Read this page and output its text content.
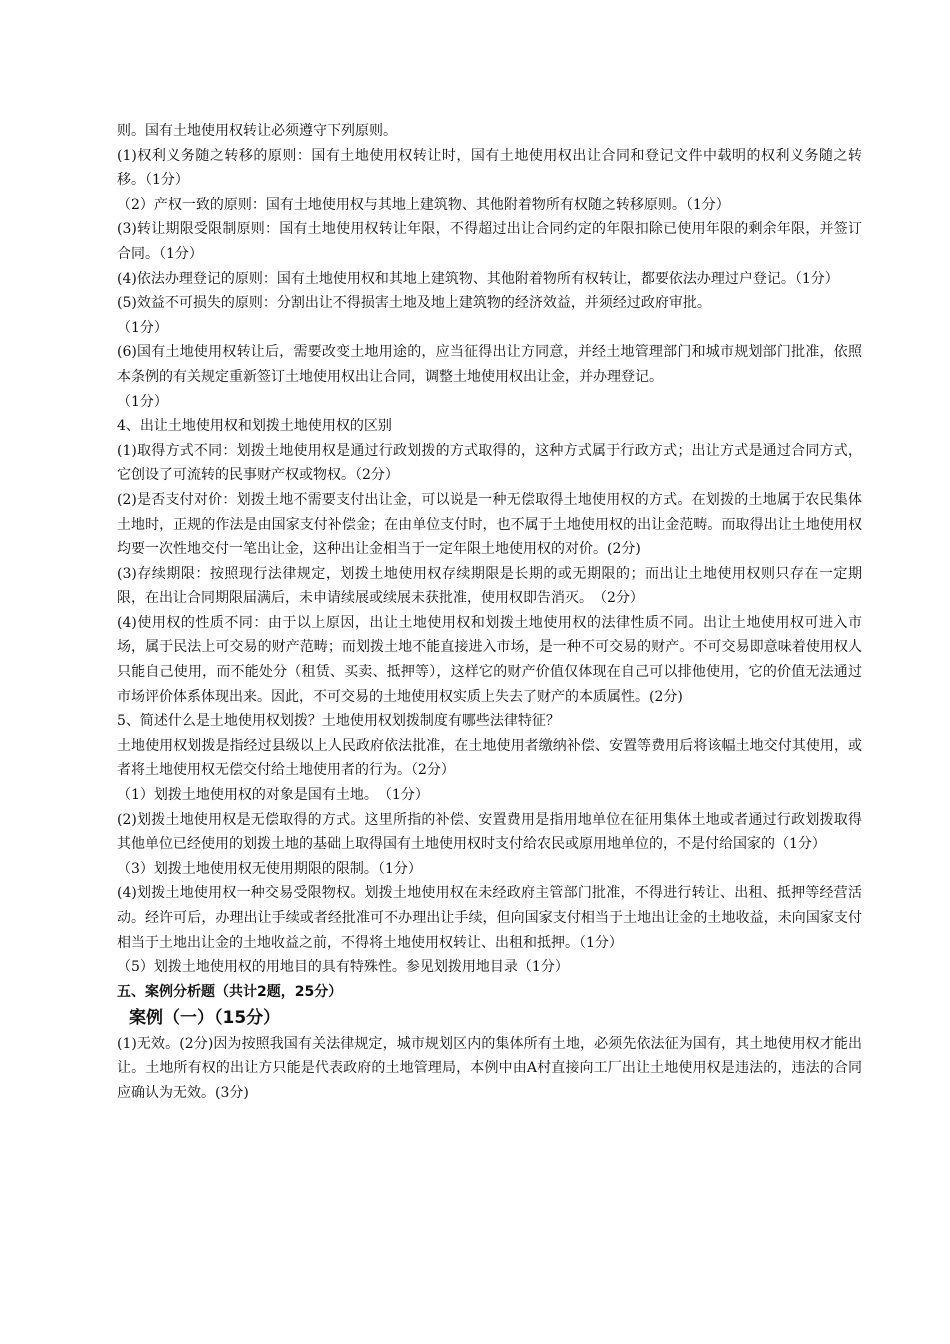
则。国有土地使用权转让必须遵守下列原则。

(1)权利义务随之转移的原则：国有土地使用权转让时，国有土地使用权出让合同和登记文件中载明的权利义务随之转移。（1分）

（2）产权一致的原则：国有土地使用权与其地上建筑物、其他附着物所有权随之转移原则。（1分）

(3)转让期限受限制原则：国有土地使用权转让年限，不得超过出让合同约定的年限扣除已使用年限的剩余年限，并签订合同。（1分）

(4)依法办理登记的原则：国有土地使用权和其地上建筑物、其他附着物所有权转让，都要依法办理过户登记。（1分）

(5)效益不可损失的原则：分割出让不得损害土地及地上建筑物的经济效益，并须经过政府审批。

（1分）

(6)国有土地使用权转让后，需要改变土地用途的，应当征得出让方同意，并经土地管理部门和城市规划部门批准，依照本条例的有关规定重新签订土地使用权出让合同，调整土地使用权出让金，并办理登记。

（1分）

4、出让土地使用权和划拨土地使用权的区别

(1)取得方式不同：划拨土地使用权是通过行政划拨的方式取得的，这种方式属于行政方式；出让方式是通过合同方式，它创设了可流转的民事财产权或物权。（2分）

(2)是否支付对价：划拨土地不需要支付出让金，可以说是一种无偿取得土地使用权的方式。在划拨的土地属于农民集体土地时，正规的作法是由国家支付补偿金；在由单位支付时，也不属于土地使用权的出让金范畴。而取得出让土地使用权均要一次性地交付一笔出让金，这种出让金相当于一定年限土地使用权的对价。(2分)

(3)存续期限：按照现行法律规定，划拨土地使用权存续期限是长期的或无期限的；而出让土地使用权则只存在一定期限，在出让合同期限届满后，未申请续展或续展未获批准，使用权即告消灭。　（2分）

(4)使用权的性质不同：由于以上原因，出让土地使用权和划拨土地使用权的法律性质不同。出让土地使用权可进入市场，属于民法上可交易的财产范畴；而划拨土地不能直接进入市场，是一种不可交易的财产。不可交易即意味着使用权人只能自己使用，而不能处分（租赁、买卖、抵押等），这样它的财产价值仅体现在自己可以排他使用，它的价值无法通过市场评价体系体现出来。因此，不可交易的土地使用权实质上失去了财产的本质属性。(2分)

5、简述什么是土地使用权划拨？土地使用权划拨制度有哪些法律特征？

土地使用权划拨是指经过县级以上人民政府依法批准，在土地使用者缴纳补偿、安置等费用后将该幅土地交付其使用，或者将土地使用权无偿交付给土地使用者的行为。（2分）

（1）划拨土地使用权的对象是国有土地。　（1分）

(2)划拨土地使用权是无偿取得的方式。这里所指的补偿、安置费用是指用地单位在征用集体土地或者通过行政划拨取得其他单位已经使用的划拨土地的基础上取得国有土地使用权时支付给农民或原用地单位的，不是付给国家的（1分）

（3）划拨土地使用权无使用期限的限制。（1分）

(4)划拨土地使用权一种交易受限物权。划拨土地使用权在未经政府主管部门批准，不得进行转让、出租、抵押等经营活动。经许可后，办理出让手续或者经批准可不办理出让手续，但向国家支付相当于土地出让金的土地收益，未向国家支付相当于土地出让金的土地收益之前，不得将土地使用权转让、出租和抵押。（1分）

（5）划拨土地使用权的用地目的具有特殊性。参见划拨用地目录（1分）

五、案例分析题（共计2题，25分）

案例（一）（15分）

(1)无效。(2分)因为按照我国有关法律规定，城市规划区内的集体所有土地，必须先依法征为国有，其土地使用权才能出让。土地所有权的出让方只能是代表政府的土地管理局，本例中由A村直接向工厂出让土地使用权是违法的，违法的合同应确认为无效。(3分)
